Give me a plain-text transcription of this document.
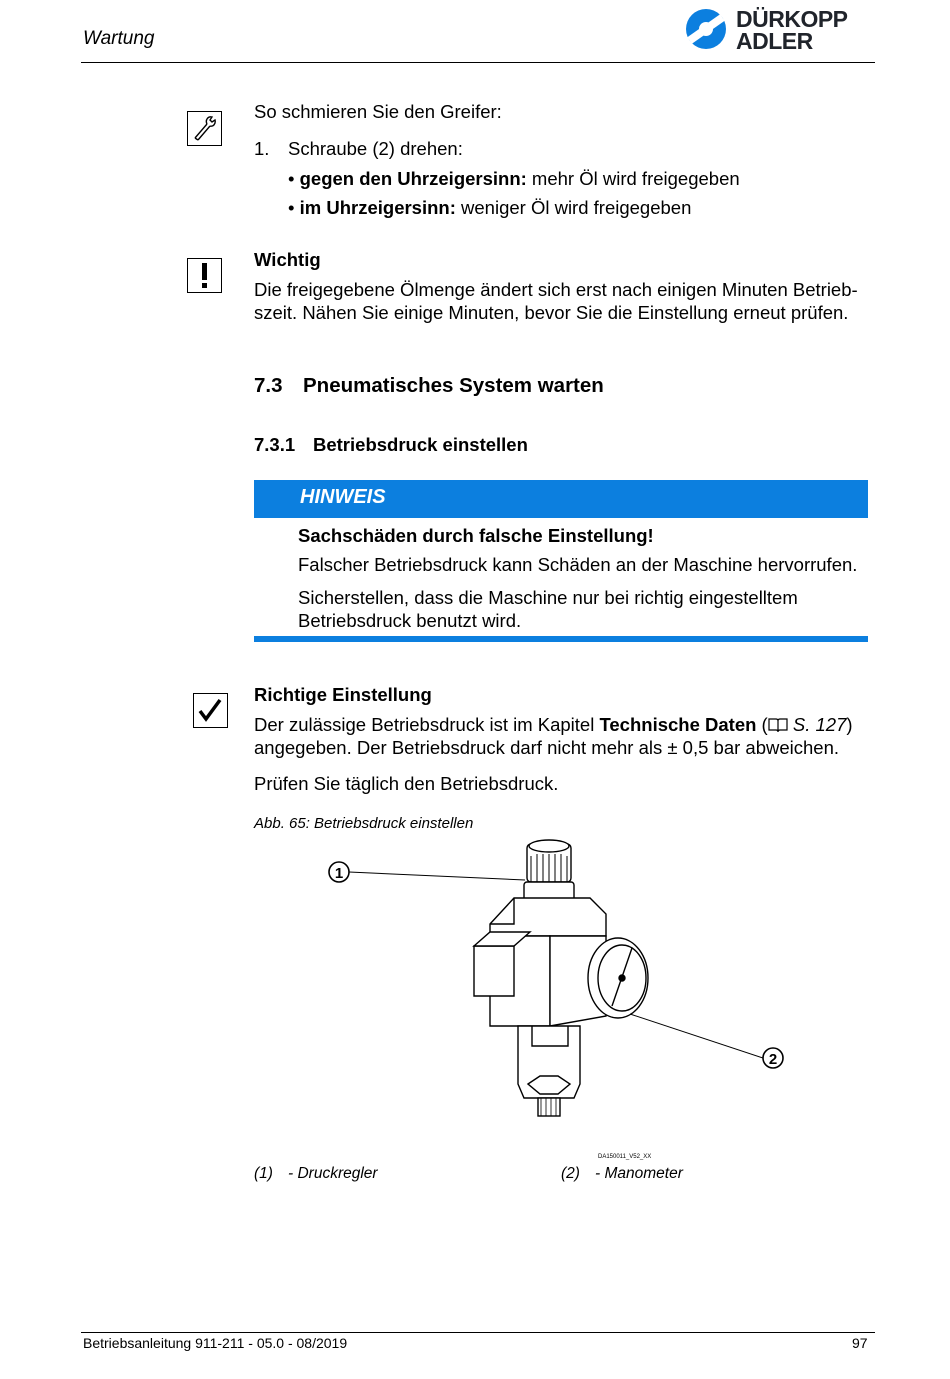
Wartung
DÜRKOPP
ADLER
So schmieren Sie den Greifer:
1. Schraube (2) drehen:
• gegen den Uhrzeigersinn: mehr Öl wird freigegeben
• im Uhrzeigersinn: weniger Öl wird freigegeben
Wichtig
Die freigegebene Ölmenge ändert sich erst nach einigen Minuten Betrieb-
szeit. Nähen Sie einige Minuten, bevor Sie die Einstellung erneut prüfen.
7.3 Pneumatisches System warten
7.3.1 Betriebsdruck einstellen
HINWEIS
Sachschäden durch falsche Einstellung!
Falscher Betriebsdruck kann Schäden an der Maschine hervorrufen.
Sicherstellen, dass die Maschine nur bei richtig eingestelltem
Betriebsdruck benutzt wird.
Richtige Einstellung
Der zulässige Betriebsdruck ist im Kapitel Technische Daten ( S. 127)
angegeben. Der Betriebsdruck darf nicht mehr als ± 0,5 bar abweichen.
Prüfen Sie täglich den Betriebsdruck.
Abb. 65: Betriebsdruck einstellen
1
2
DA150011_V52_XX
(1) - Druckregler	(2) - Manometer
Betriebsanleitung 911-211 - 05.0 - 08/2019	97
